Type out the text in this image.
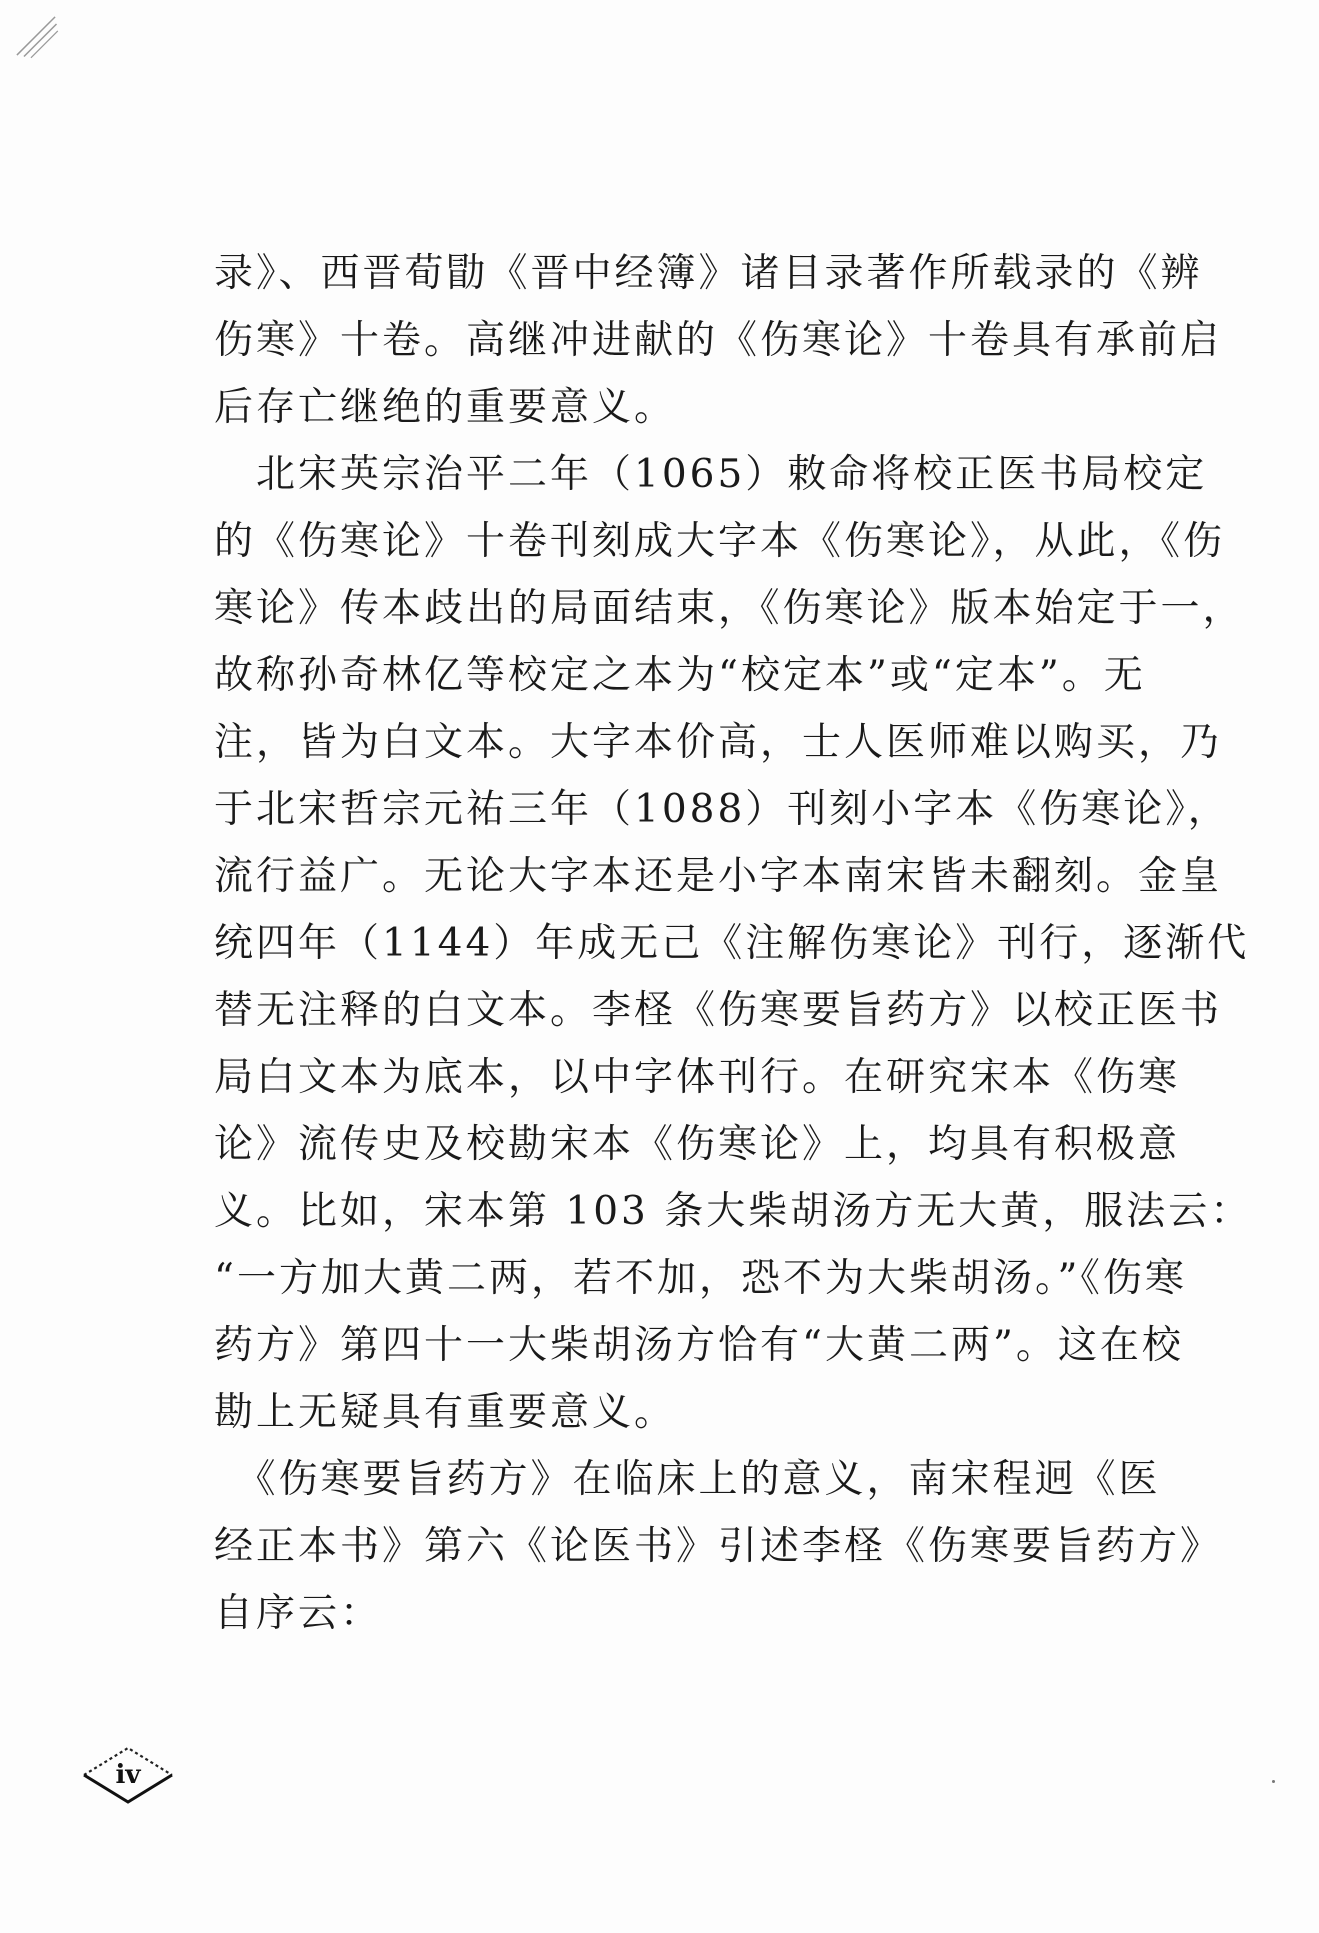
录》、西晋荀勖《晋中经簿》诸目录著作所载录的《辨
伤寒》十卷。高继冲进献的《伤寒论》十卷具有承前启
后存亡继绝的重要意义。
　北宋英宗治平二年（1065）敕命将校正医书局校定
的《伤寒论》十卷刊刻成大字本《伤寒论》，从此，《伤
寒论》传本歧出的局面结束，《伤寒论》版本始定于一，
故称孙奇林亿等校定之本为“校定本”或“定本”。无
注，皆为白文本。大字本价高，士人医师难以购买，乃
于北宋哲宗元祐三年（1088）刊刻小字本《伤寒论》，
流行益广。无论大字本还是小字本南宋皆未翻刻。金皇
统四年（1144）年成无己《注解伤寒论》刊行，逐渐代
替无注释的白文本。李柽《伤寒要旨药方》以校正医书
局白文本为底本，以中字体刊行。在研究宋本《伤寒
论》流传史及校勘宋本《伤寒论》上，均具有积极意
义。比如，宋本第 103 条大柴胡汤方无大黄，服法云：
“一方加大黄二两，若不加，恐不为大柴胡汤。”《伤寒
药方》第四十一大柴胡汤方恰有“大黄二两”。这在校
勘上无疑具有重要意义。
　《伤寒要旨药方》在临床上的意义，南宋程迥《医
经正本书》第六《论医书》引述李柽《伤寒要旨药方》
自序云：
iv
